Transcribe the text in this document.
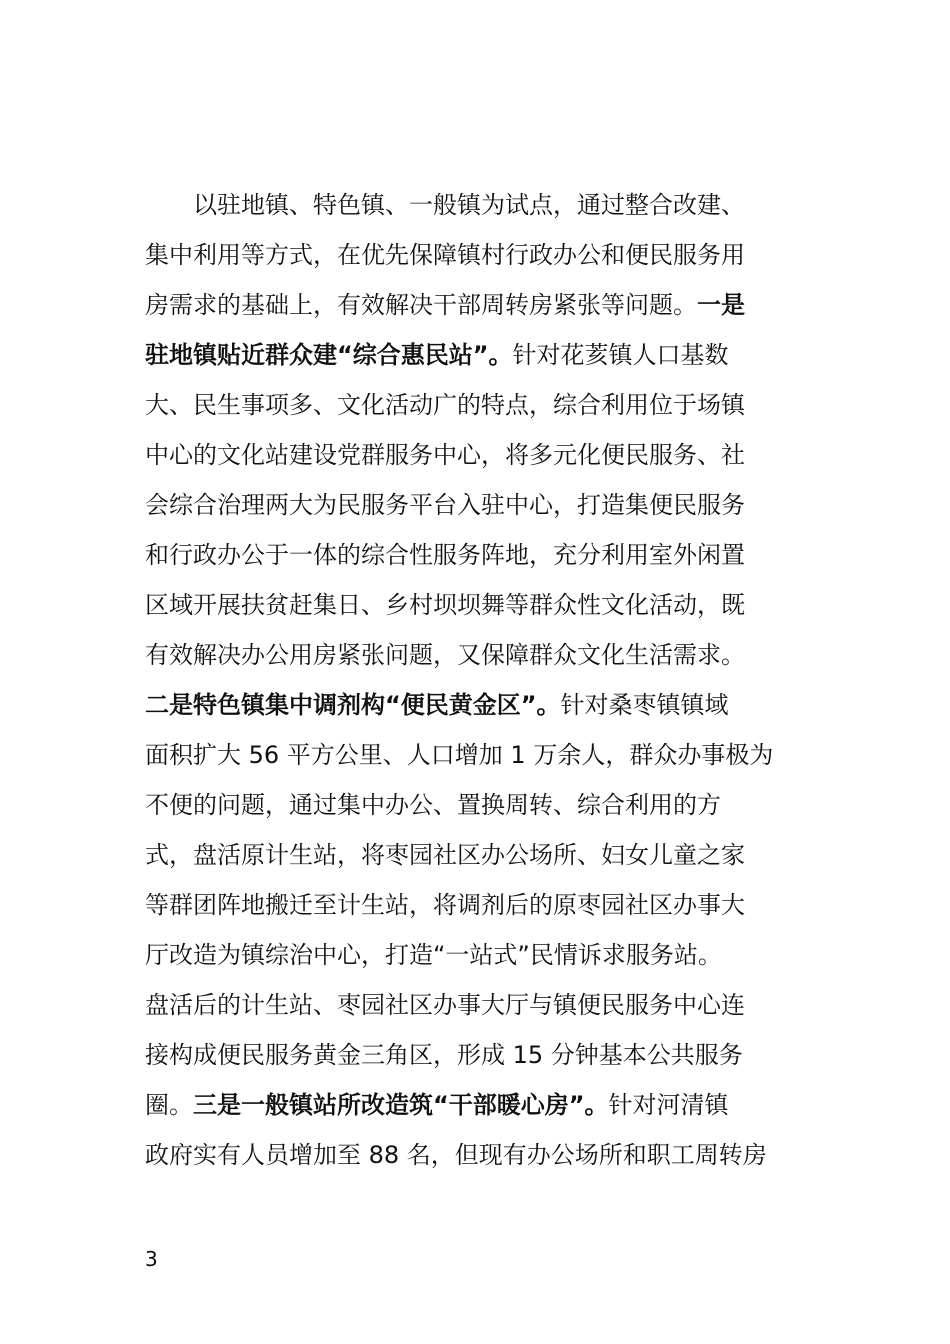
以驻地镇、特色镇、一般镇为试点，通过整合改建、
集中利用等方式，在优先保障镇村行政办公和便民服务用
房需求的基础上，有效解决干部周转房紧张等问题。一是
驻地镇贴近群众建“综合惠民站”。针对花荄镇人口基数
大、民生事项多、文化活动广的特点，综合利用位于场镇
中心的文化站建设党群服务中心，将多元化便民服务、社
会综合治理两大为民服务平台入驻中心，打造集便民服务
和行政办公于一体的综合性服务阵地，充分利用室外闲置
区域开展扶贫赶集日、乡村坝坝舞等群众性文化活动，既
有效解决办公用房紧张问题，又保障群众文化生活需求。
二是特色镇集中调剂构“便民黄金区”。针对桑枣镇镇域
面积扩大 56 平方公里、人口增加 1 万余人，群众办事极为
不便的问题，通过集中办公、置换周转、综合利用的方
式，盘活原计生站，将枣园社区办公场所、妇女儿童之家
等群团阵地搬迁至计生站，将调剂后的原枣园社区办事大
厅改造为镇综治中心，打造“一站式”民情诉求服务站。
盘活后的计生站、枣园社区办事大厅与镇便民服务中心连
接构成便民服务黄金三角区，形成 15 分钟基本公共服务
圈。三是一般镇站所改造筑“干部暖心房”。针对河清镇
政府实有人员增加至 88 名，但现有办公场所和职工周转房
3
